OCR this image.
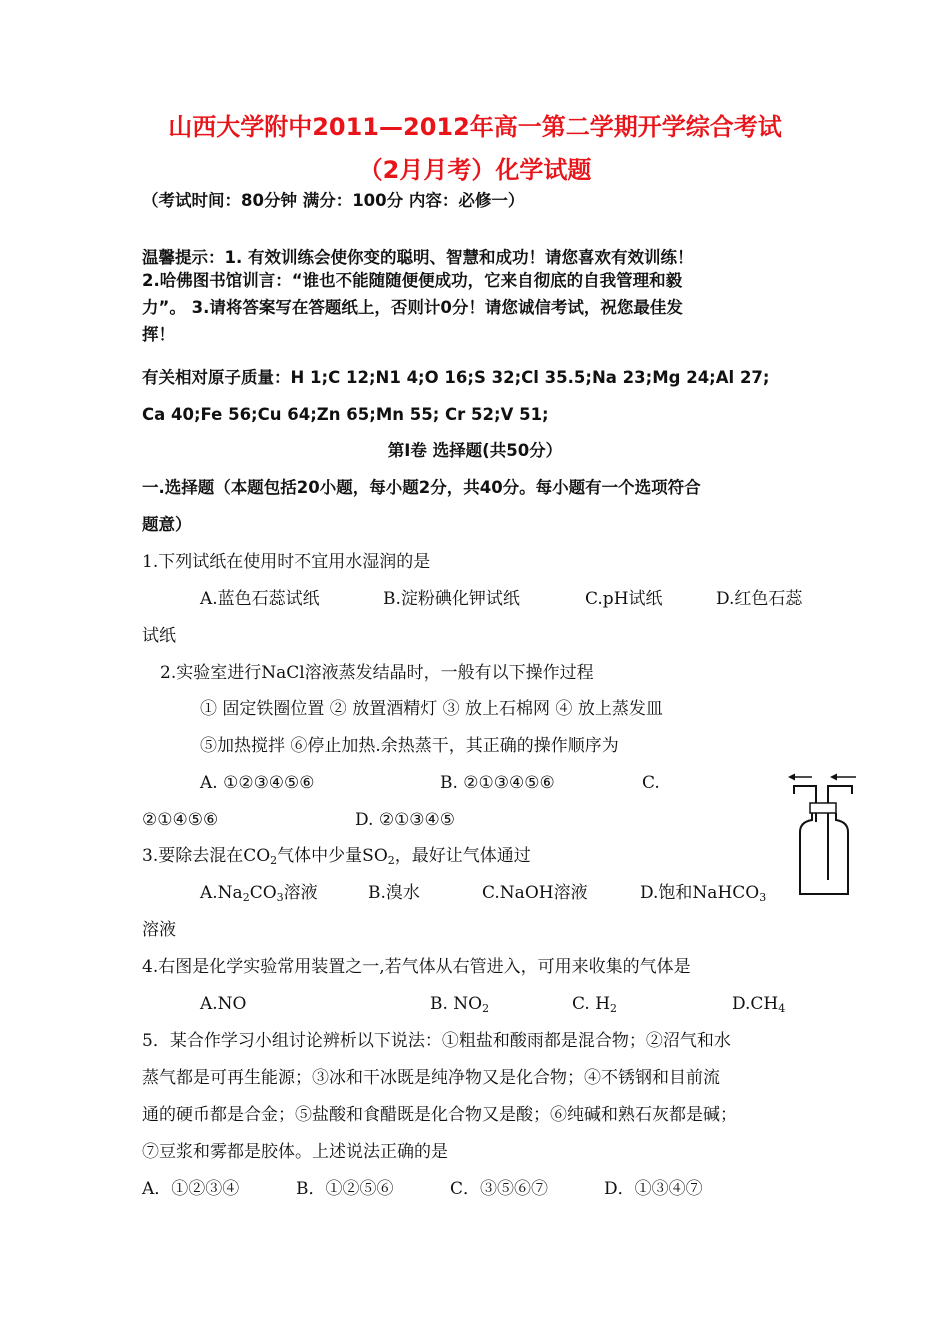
山西大学附中2011—2012年高一第二学期开学综合考试
（2月月考）化学试题
（考试时间：80分钟 满分：100分 内容：必修一）
温馨提示：1. 有效训练会使你变的聪明、智慧和成功！请您喜欢有效训练！
2.哈佛图书馆训言：“谁也不能随随便便成功，它来自彻底的自我管理和毅
力”。 3.请将答案写在答题纸上，否则计0分！请您诚信考试，祝您最佳发
挥！
有关相对原子质量：H 1;C 12;N1 4;O 16;S 32;Cl 35.5;Na 23;Mg 24;Al 27;
Ca 40;Fe 56;Cu 64;Zn 65;Mn 55; Cr 52;V 51;
第Ⅰ卷 选择题(共50分）
一.选择题（本题包括20小题，每小题2分，共40分。每小题有一个选项符合
题意）
1.下列试纸在使用时不宜用水湿润的是
A.蓝色石蕊试纸	B.淀粉碘化钾试纸	C.pH试纸	D.红色石蕊
试纸
2.实验室进行NaCl溶液蒸发结晶时，一般有以下操作过程
① 固定铁圈位置 ② 放置酒精灯 ③ 放上石棉网 ④ 放上蒸发皿
⑤加热搅拌 ⑥停止加热.余热蒸干，其正确的操作顺序为
A. ①②③④⑤⑥	B. ②①③④⑤⑥	C.
②①④⑤⑥	D. ②①③④⑤
3.要除去混在$CO_2$气体中少量$SO_2$，最好让气体通过
$A.Na_2CO_3$溶液	B.溴水	C.NaOH溶液	D.饱和NaHCO$_3$
溶液
4.右图是化学实验常用装置之一,若气体从右管进入，可用来收集的气体是
A.NO	B. $NO_2$	C. $H_2$	$D.CH_4$
5．某合作学习小组讨论辨析以下说法：①粗盐和酸雨都是混合物；②沼气和水
蒸气都是可再生能源；③冰和干冰既是纯净物又是化合物；④不锈钢和目前流
通的硬币都是合金；⑤盐酸和食醋既是化合物又是酸；⑥纯碱和熟石灰都是碱；
⑦豆浆和雾都是胶体。上述说法正确的是
A．①②③④	B．①②⑤⑥	C．③⑤⑥⑦	D．①③④⑦
